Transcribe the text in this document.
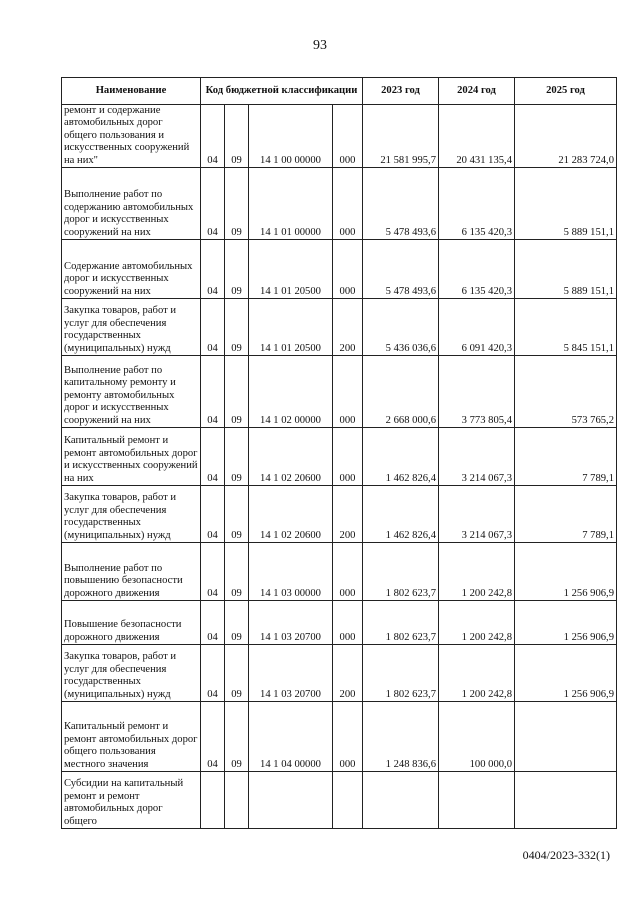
93
Наименование	Код бюджетной классификации				2023 год	2024 год	2025 год
ремонт и содержание автомобильных дорог общего пользования и искусственных сооружений на них"	04	09	14 1 00 00000	000	21 581 995,7	20 431 135,4	21 283 724,0
Выполнение работ по содержанию автомобильных дорог и искусственных сооружений на них	04	09	14 1 01 00000	000	5 478 493,6	6 135 420,3	5 889 151,1
Содержание автомобильных дорог и искусственных сооружений на них	04	09	14 1 01 20500	000	5 478 493,6	6 135 420,3	5 889 151,1
Закупка товаров, работ и услуг для обеспечения государственных (муниципальных) нужд	04	09	14 1 01 20500	200	5 436 036,6	6 091 420,3	5 845 151,1
Выполнение работ по капитальному ремонту и ремонту автомобильных дорог и искусственных сооружений на них	04	09	14 1 02 00000	000	2 668 000,6	3 773 805,4	573 765,2
Капитальный ремонт и ремонт автомобильных дорог и искусственных сооружений на них	04	09	14 1 02 20600	000	1 462 826,4	3 214 067,3	7 789,1
Закупка товаров, работ и услуг для обеспечения государственных (муниципальных) нужд	04	09	14 1 02 20600	200	1 462 826,4	3 214 067,3	7 789,1
Выполнение работ по повышению безопасности дорожного движения	04	09	14 1 03 00000	000	1 802 623,7	1 200 242,8	1 256 906,9
Повышение безопасности дорожного движения	04	09	14 1 03 20700	000	1 802 623,7	1 200 242,8	1 256 906,9
Закупка товаров, работ и услуг для обеспечения государственных (муниципальных) нужд	04	09	14 1 03 20700	200	1 802 623,7	1 200 242,8	1 256 906,9
Капитальный ремонт и ремонт автомобильных дорог общего пользования местного значения	04	09	14 1 04 00000	000	1 248 836,6	100 000,0	
Субсидии на капитальный ремонт и ремонт автомобильных дорог общего							
0404/2023-332(1)
